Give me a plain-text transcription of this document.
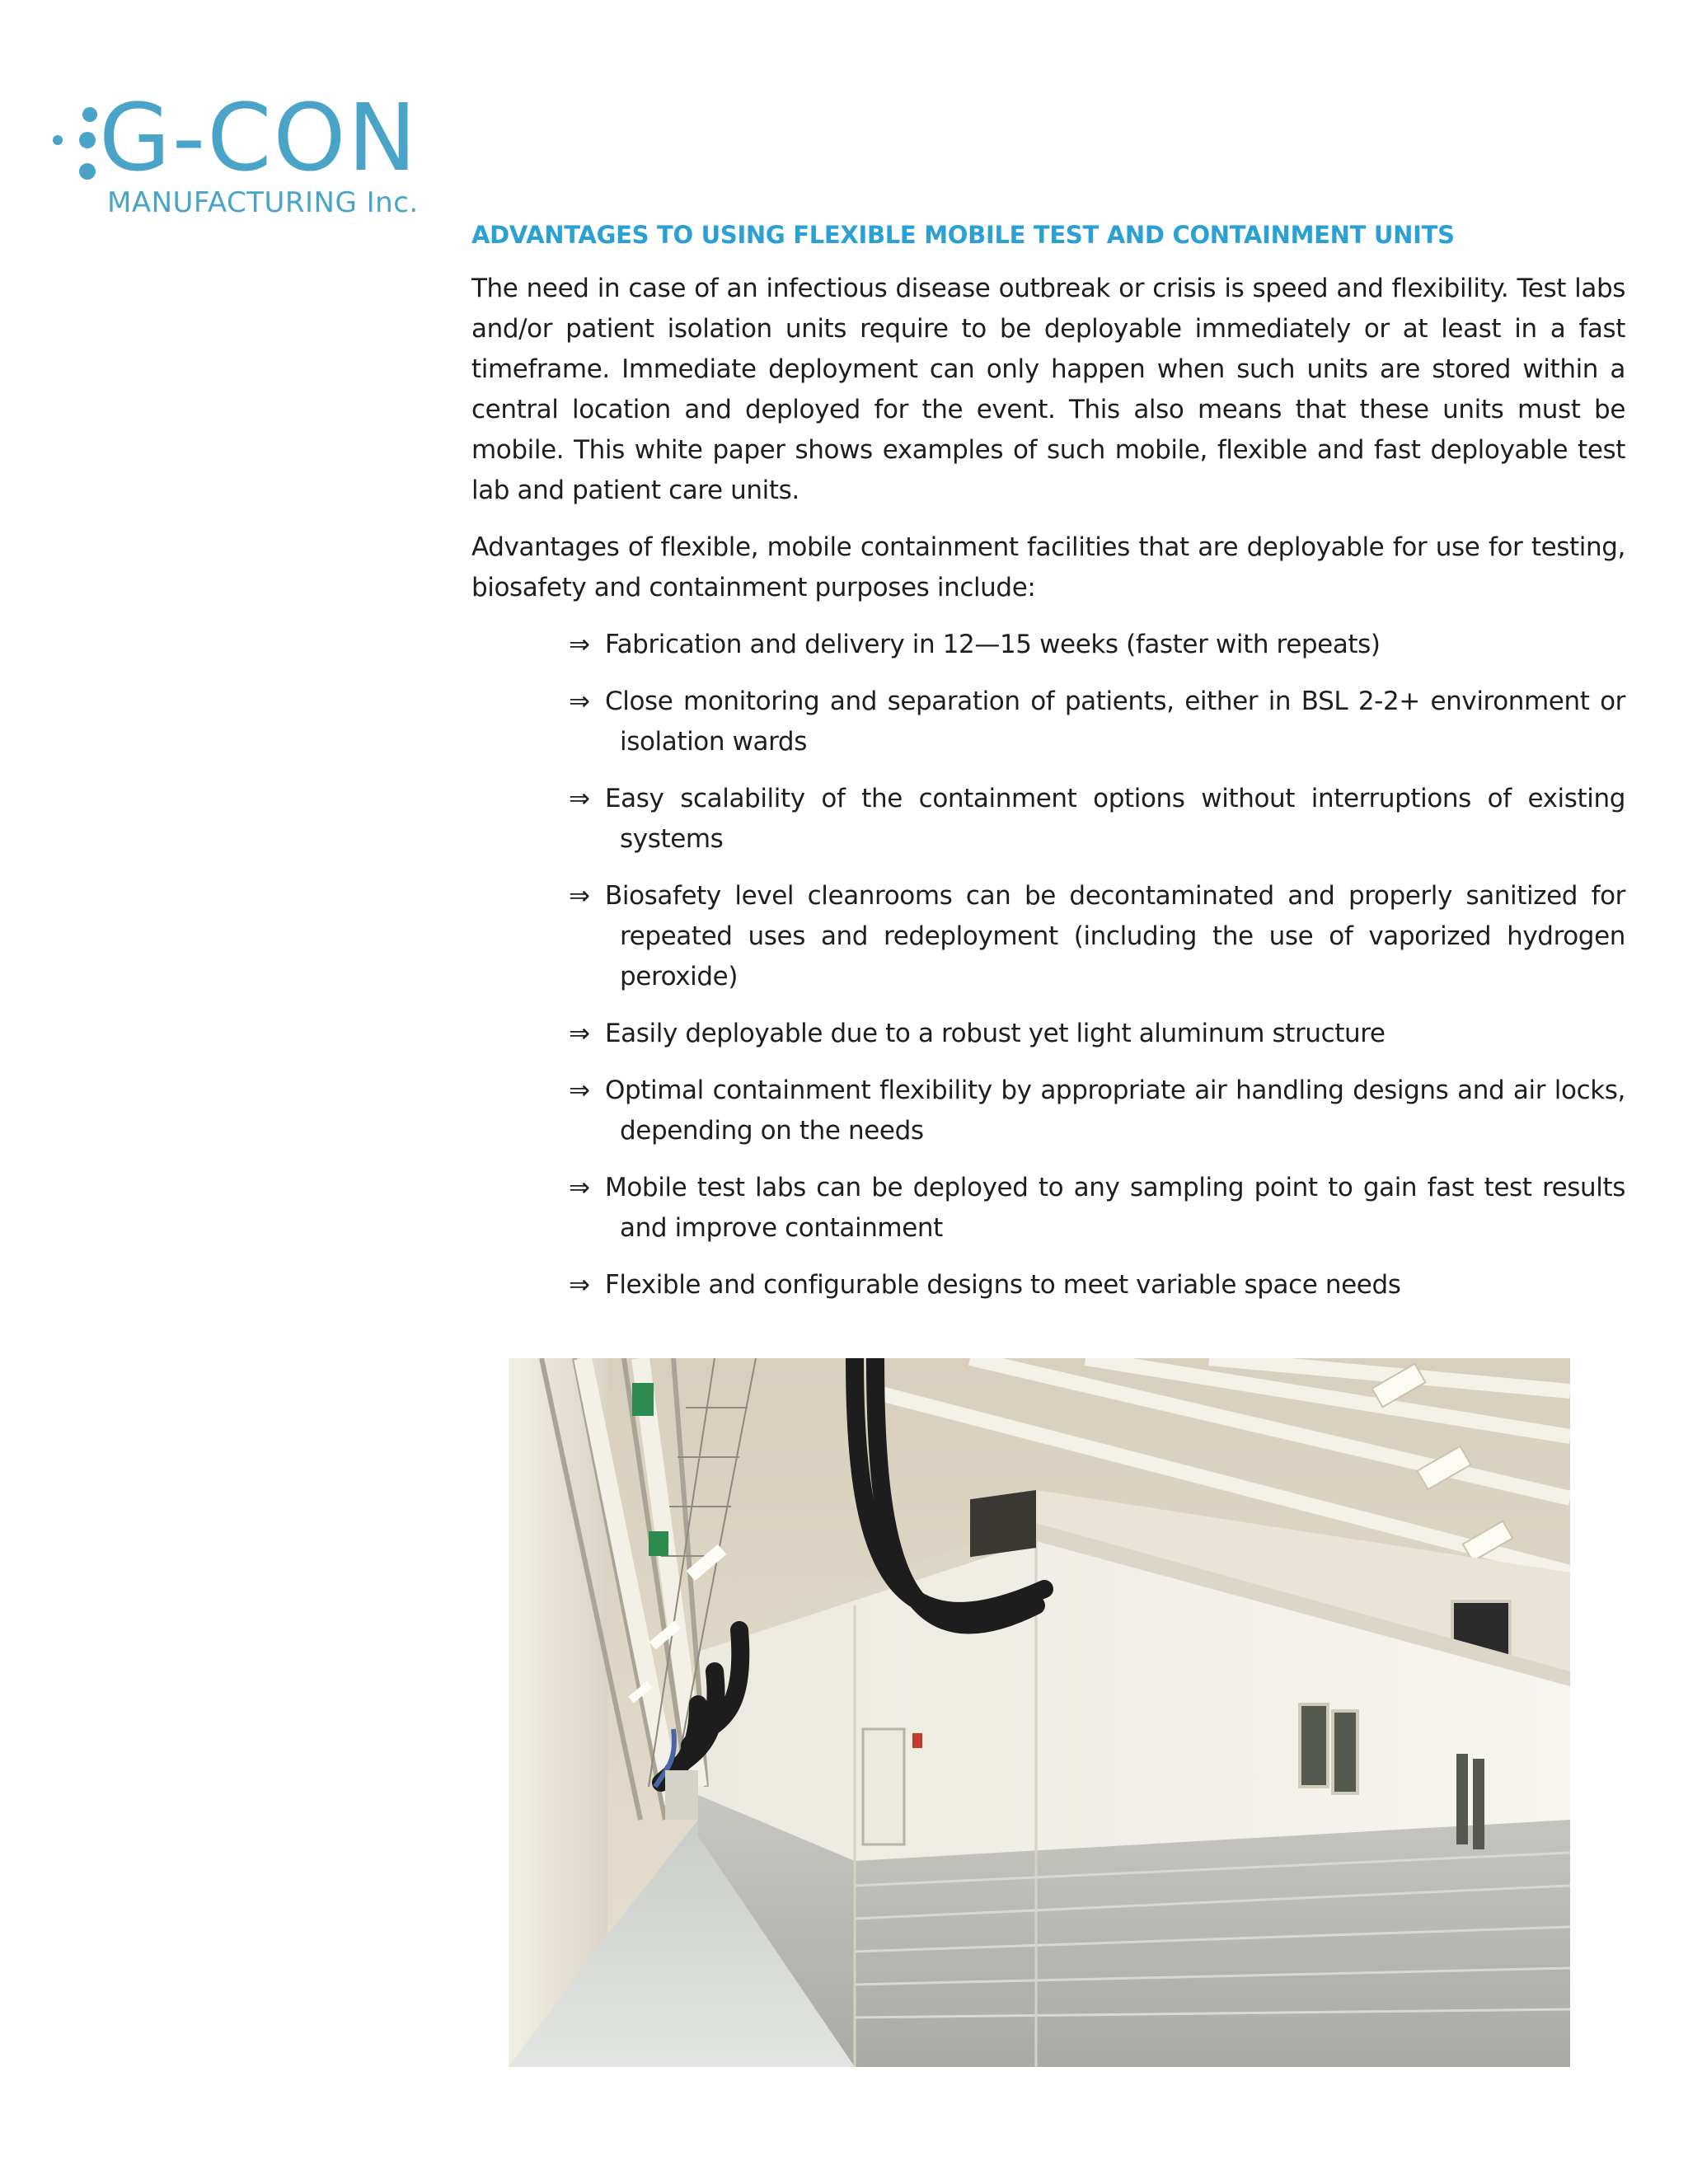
G-CON
MANUFACTURING Inc.
ADVANTAGES TO USING FLEXIBLE MOBILE TEST AND CONTAINMENT UNITS

The need in case of an infectious disease outbreak or crisis is speed and flexibility. Test labs and/or patient isolation units require to be deployable immediately or at least in a fast timeframe. Immediate deployment can only happen when such units are stored within a central location and deployed for the event. This also means that these units must be mobile. This white paper shows examples of such mobile, flexible and fast deployable test lab and patient care units.

Advantages of flexible, mobile containment facilities that are deployable for use for testing, biosafety and containment purposes include:

⇒ Fabrication and delivery in 12—15 weeks (faster with repeats)
⇒ Close monitoring and separation of patients, either in BSL 2-2+ environment or isolation wards
⇒ Easy scalability of the containment options without interruptions of existing systems
⇒ Biosafety level cleanrooms can be decontaminated and properly sanitized for repeated uses and redeployment (including the use of vaporized hydrogen peroxide)
⇒ Easily deployable due to a robust yet light aluminum structure
⇒ Optimal containment flexibility by appropriate air handling designs and air locks, depending on the needs
⇒ Mobile test labs can be deployed to any sampling point to gain fast test results and improve containment
⇒ Flexible and configurable designs to meet variable space needs
